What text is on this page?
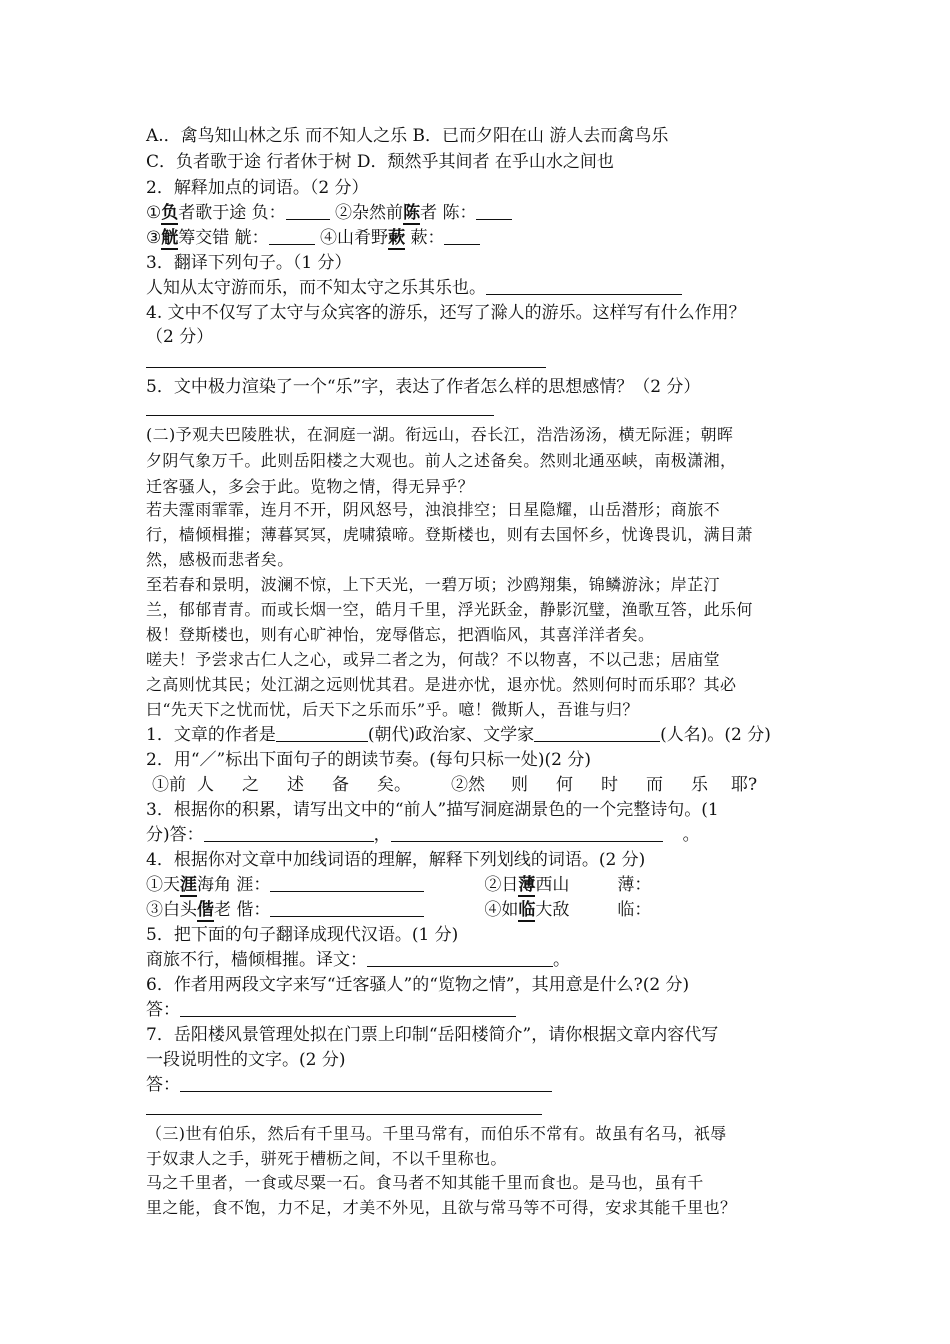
A.．禽鸟知山林之乐 而不知人之乐 B．已而夕阳在山 游人去而禽鸟乐
C．负者歌于途 行者休于树 D．颓然乎其间者 在乎山水之间也
2．解释加点的词语。（2 分）
①负者歌于途 负：	②杂然前陈者 陈：
③觥筹交错 觥：	④山肴野蔌 蔌：
3．翻译下列句子。（1 分）
人知从太守游而乐，而不知太守之乐其乐也。
4. 文中不仅写了太守与众宾客的游乐，还写了滁人的游乐。这样写有什么作用？
（2 分）
5．文中极力渲染了一个“乐”字，表达了作者怎么样的思想感情？（2 分）
(二)予观夫巴陵胜状，在洞庭一湖。衔远山，吞长江，浩浩汤汤，横无际涯；朝晖
夕阴气象万千。此则岳阳楼之大观也。前人之述备矣。然则北通巫峡，南极潇湘，
迁客骚人，多会于此。览物之情，得无异乎？
若夫霪雨霏霏，连月不开，阴风怒号，浊浪排空；日星隐耀，山岳潜形；商旅不
行，樯倾楫摧；薄暮冥冥，虎啸猿啼。登斯楼也，则有去国怀乡，忧谗畏讥，满目萧
然，感极而悲者矣。
至若春和景明，波澜不惊，上下天光，一碧万顷；沙鸥翔集，锦鳞游泳；岸芷汀
兰，郁郁青青。而或长烟一空，皓月千里，浮光跃金，静影沉璧，渔歌互答，此乐何
极！登斯楼也，则有心旷神怡，宠辱偕忘，把酒临风，其喜洋洋者矣。
嗟夫！予尝求古仁人之心，或异二者之为，何哉？不以物喜，不以己悲；居庙堂
之高则忧其民；处江湖之远则忧其君。是进亦忧，退亦忧。然则何时而乐耶？其必
曰“先天下之忧而忧，后天下之乐而乐”乎。噫！微斯人，吾谁与归？
1．文章的作者是	(朝代)政治家、文学家	(人名)。(2 分)
2．用“／”标出下面句子的朗读节奏。(每句只标一处)(2 分)
①前 人 之 述 备 矣。 ②然 则 何 时 而 乐 耶?
3．根据你的积累，请写出文中的“前人”描写洞庭湖景色的一个完整诗句。(1
分)答：	，	。
4．根据你对文章中加线词语的理解，解释下列划线的词语。(2 分)
①天涯海角 涯：	②日薄西山	薄：
③白头偕老 偕：	④如临大敌	临：
5．把下面的句子翻译成现代汉语。(1 分)
商旅不行，樯倾楫摧。译文：	。
6．作者用两段文字来写“迁客骚人”的“览物之情”，其用意是什么?(2 分)
答：
7．岳阳楼风景管理处拟在门票上印制“岳阳楼简介”，请你根据文章内容代写
一段说明性的文字。(2 分)
答：
（三)世有伯乐，然后有千里马。千里马常有，而伯乐不常有。故虽有名马，祇辱
于奴隶人之手，骈死于槽枥之间，不以千里称也。
马之千里者，一食或尽粟一石。食马者不知其能千里而食也。是马也，虽有千
里之能，食不饱，力不足，才美不外见，且欲与常马等不可得，安求其能千里也？
